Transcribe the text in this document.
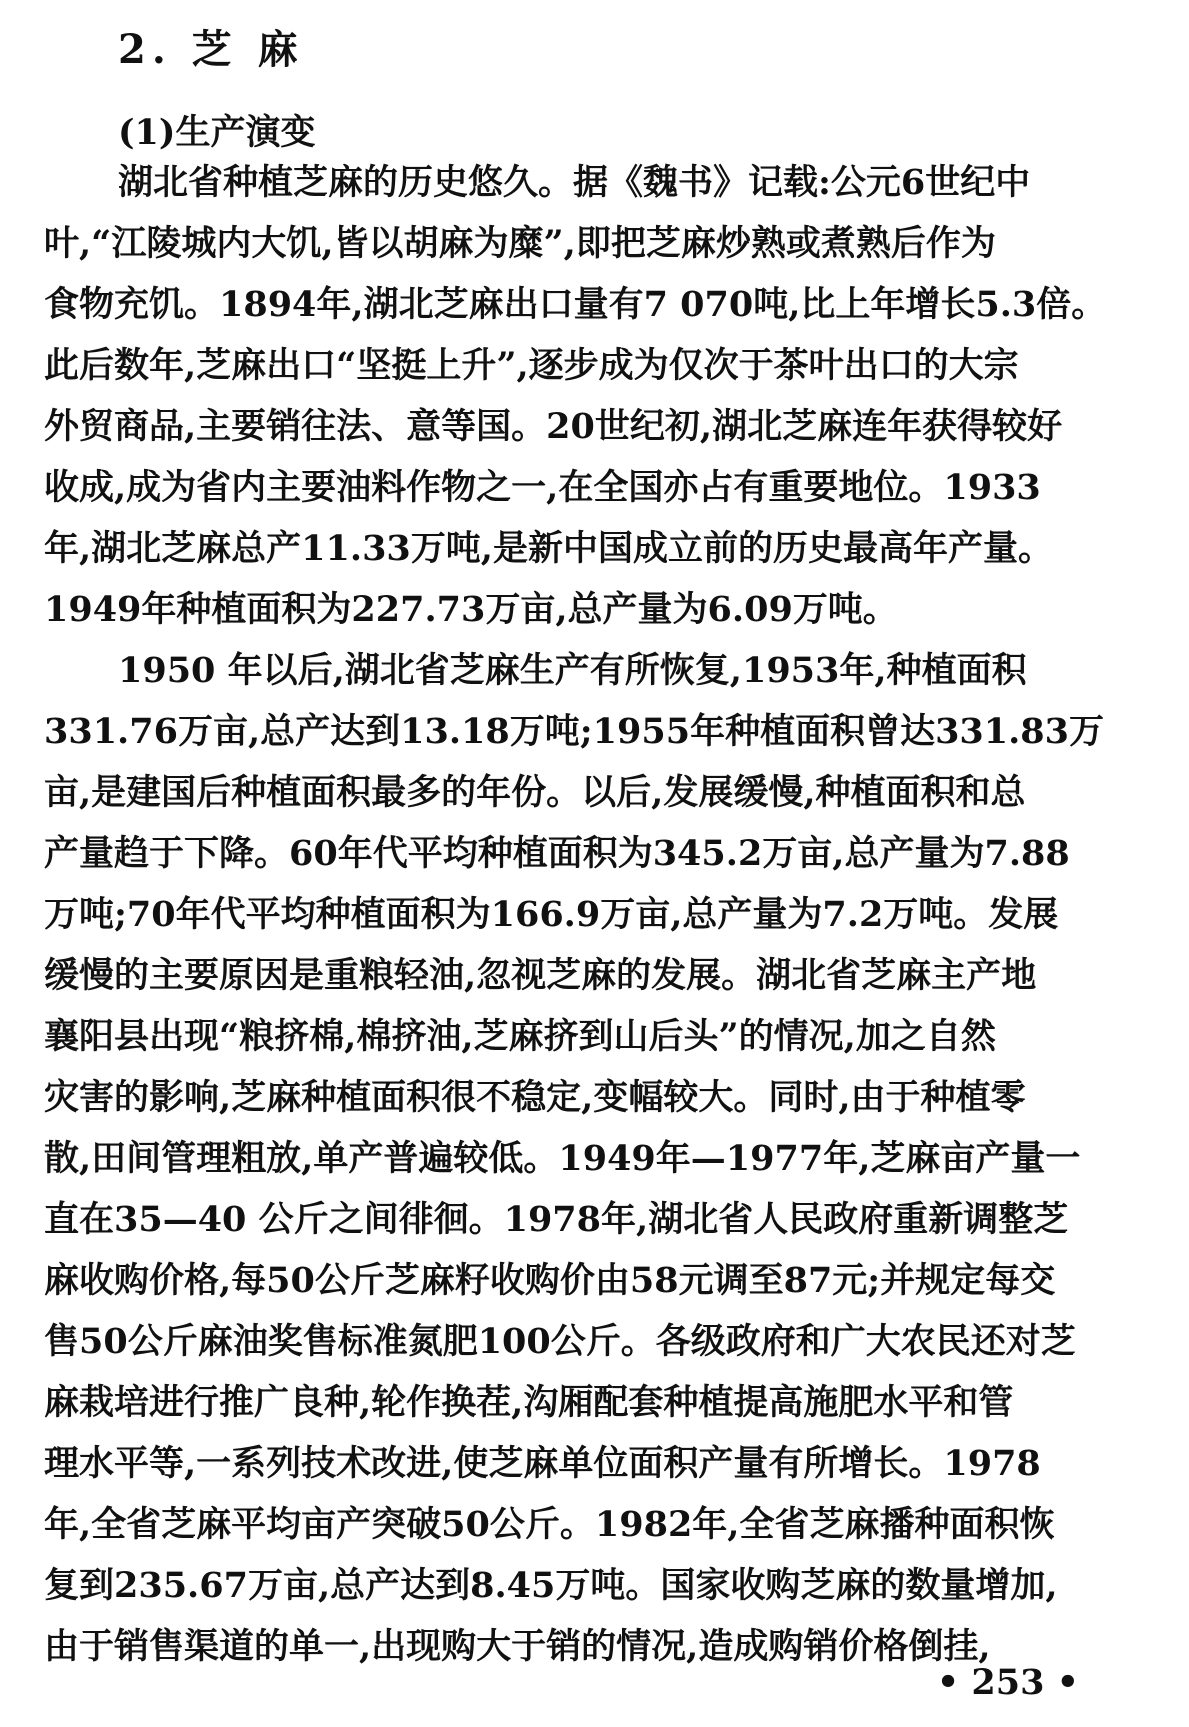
2. 芝 麻
(1)生产演变
湖北省种植芝麻的历史悠久。据《魏书》记载:公元6世纪中
叶,“江陵城内大饥,皆以胡麻为糜”,即把芝麻炒熟或煮熟后作为
食物充饥。1894年,湖北芝麻出口量有7 070吨,比上年增长5.3倍。
此后数年,芝麻出口“坚挺上升”,逐步成为仅次于茶叶出口的大宗
外贸商品,主要销往法、意等国。20世纪初,湖北芝麻连年获得较好
收成,成为省内主要油料作物之一,在全国亦占有重要地位。1933
年,湖北芝麻总产11.33万吨,是新中国成立前的历史最高年产量。
1949年种植面积为227.73万亩,总产量为6.09万吨。
1950 年以后,湖北省芝麻生产有所恢复,1953年,种植面积
331.76万亩,总产达到13.18万吨;1955年种植面积曾达331.83万
亩,是建国后种植面积最多的年份。以后,发展缓慢,种植面积和总
产量趋于下降。60年代平均种植面积为345.2万亩,总产量为7.88
万吨;70年代平均种植面积为166.9万亩,总产量为7.2万吨。发展
缓慢的主要原因是重粮轻油,忽视芝麻的发展。湖北省芝麻主产地
襄阳县出现“粮挤棉,棉挤油,芝麻挤到山后头”的情况,加之自然
灾害的影响,芝麻种植面积很不稳定,变幅较大。同时,由于种植零
散,田间管理粗放,单产普遍较低。1949年—1977年,芝麻亩产量一
直在35—40 公斤之间徘徊。1978年,湖北省人民政府重新调整芝
麻收购价格,每50公斤芝麻籽收购价由58元调至87元;并规定每交
售50公斤麻油奖售标准氮肥100公斤。各级政府和广大农民还对芝
麻栽培进行推广良种,轮作换茬,沟厢配套种植提高施肥水平和管
理水平等,一系列技术改进,使芝麻单位面积产量有所增长。1978
年,全省芝麻平均亩产突破50公斤。1982年,全省芝麻播种面积恢
复到235.67万亩,总产达到8.45万吨。国家收购芝麻的数量增加,
由于销售渠道的单一,出现购大于销的情况,造成购销价格倒挂,
• 253 •
